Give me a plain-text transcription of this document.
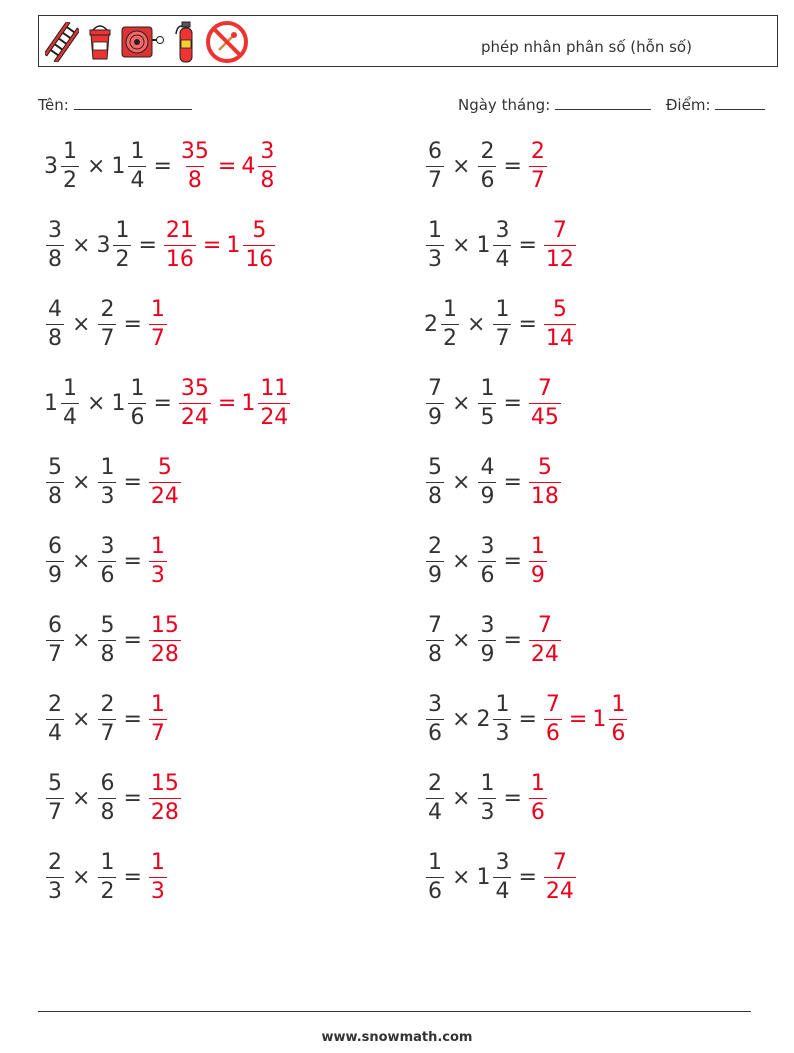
phép nhân phân số (hỗn số)
Tên:	Ngày tháng:	Điểm:
$3 \frac{1}{2} \times 1 \frac{1}{4} = \frac{35}{8} = 4 \frac{3}{8}$	$\frac{6}{7} \times \frac{2}{6} = \frac{2}{7}$
$\frac{3}{8} \times 3 \frac{1}{2} = \frac{21}{16} = 1 \frac{5}{16}$	$\frac{1}{3} \times 1 \frac{3}{4} = \frac{7}{12}$
$\frac{4}{8} \times \frac{2}{7} = \frac{1}{7}$	$2 \frac{1}{2} \times \frac{1}{7} = \frac{5}{14}$
$1 \frac{1}{4} \times 1 \frac{1}{6} = \frac{35}{24} = 1 \frac{11}{24}$	$\frac{7}{9} \times \frac{1}{5} = \frac{7}{45}$
$\frac{5}{8} \times \frac{1}{3} = \frac{5}{24}$	$\frac{5}{8} \times \frac{4}{9} = \frac{5}{18}$
$\frac{6}{9} \times \frac{3}{6} = \frac{1}{3}$	$\frac{2}{9} \times \frac{3}{6} = \frac{1}{9}$
$\frac{6}{7} \times \frac{5}{8} = \frac{15}{28}$	$\frac{7}{8} \times \frac{3}{9} = \frac{7}{24}$
$\frac{2}{4} \times \frac{2}{7} = \frac{1}{7}$	$\frac{3}{6} \times 2 \frac{1}{3} = \frac{7}{6} = 1 \frac{1}{6}$
$\frac{5}{7} \times \frac{6}{8} = \frac{15}{28}$	$\frac{2}{4} \times \frac{1}{3} = \frac{1}{6}$
$\frac{2}{3} \times \frac{1}{2} = \frac{1}{3}$	$\frac{1}{6} \times 1 \frac{3}{4} = \frac{7}{24}$
www.snowmath.com
